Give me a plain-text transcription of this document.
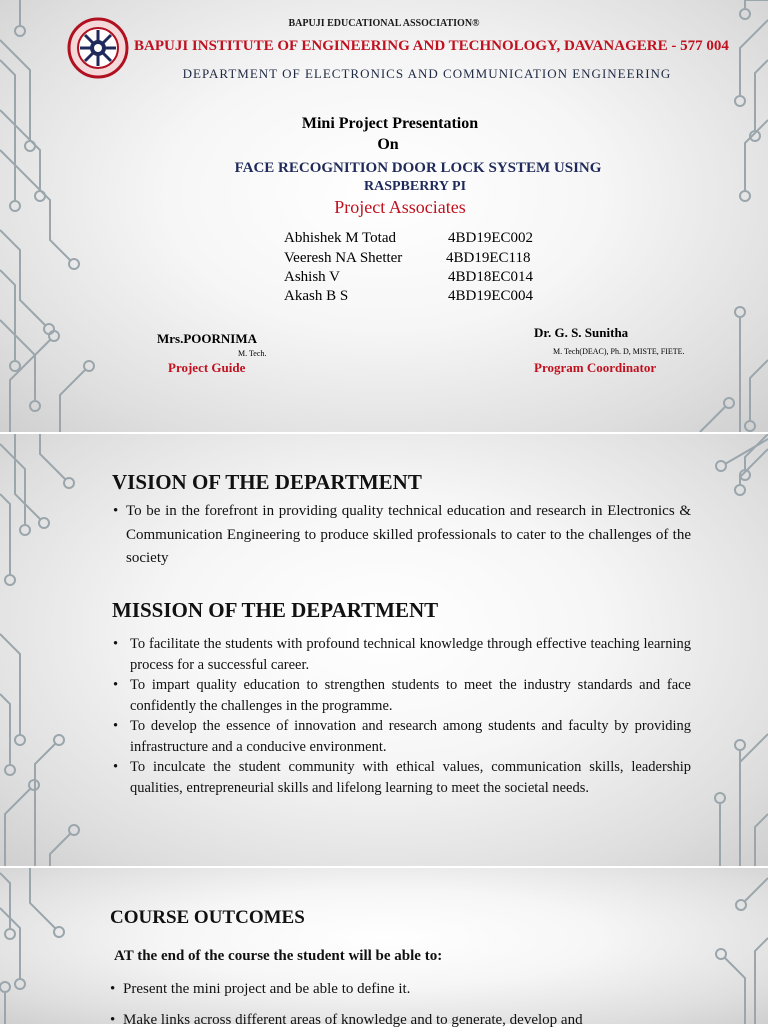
BAPUJI EDUCATIONAL ASSOCIATION®

BAPUJI INSTITUTE OF ENGINEERING AND TECHNOLOGY, DAVANAGERE - 577 004

DEPARTMENT OF ELECTRONICS AND COMMUNICATION ENGINEERING

Mini Project Presentation

On

FACE RECOGNITION DOOR LOCK SYSTEM USING

RASPBERRY PI

Project Associates

Abhishek M Totad	4BD19EC002
Veeresh NA Shetter	4BD19EC118
Ashish V	4BD18EC014
Akash B S	4BD19EC004

Mrs.POORNIMA

M. Tech.

Project Guide

Dr. G. S. Sunitha

M. Tech(DEAC), Ph. D, MISTE, FIETE.

Program Coordinator

VISION OF THE DEPARTMENT

• To be in the forefront in providing quality technical education and research in Electronics & Communication Engineering to produce skilled professionals to cater to the challenges of the society

MISSION OF THE DEPARTMENT

• To facilitate the students with profound technical knowledge through effective teaching learning process for a successful career.
• To impart quality education to strengthen students to meet the industry standards and face confidently the challenges in the programme.
• To develop the essence of innovation and research among students and faculty by providing infrastructure and a conducive environment.
• To inculcate the student community with ethical values, communication skills, leadership qualities, entrepreneurial skills and lifelong learning to meet the societal needs.

COURSE OUTCOMES

AT the end of the course the student will be able to:

• Present the mini project and be able to define it.
• Make links across different areas of knowledge and to generate, develop and
